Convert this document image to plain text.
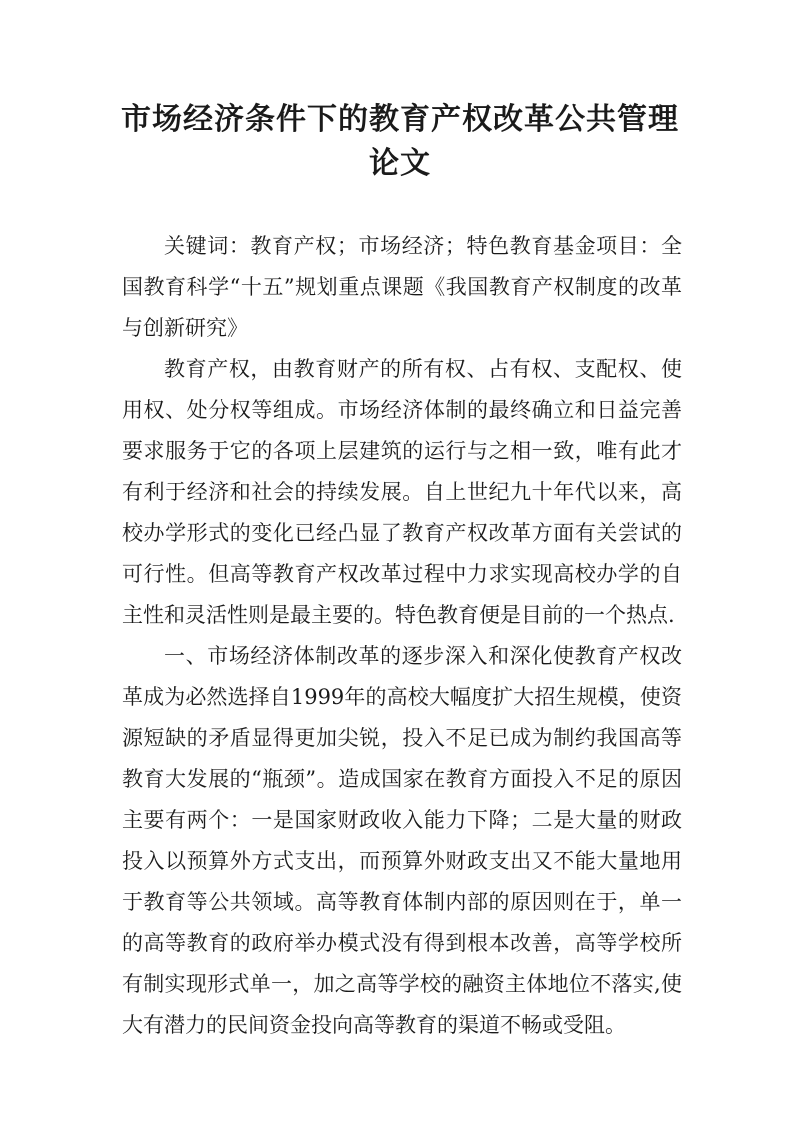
市场经济条件下的教育产权改革公共管理论文

关键词：教育产权；市场经济；特色教育基金项目：全国教育科学“十五”规划重点课题《我国教育产权制度的改革与创新研究》

教育产权，由教育财产的所有权、占有权、支配权、使用权、处分权等组成。市场经济体制的最终确立和日益完善要求服务于它的各项上层建筑的运行与之相一致，唯有此才有利于经济和社会的持续发展。自上世纪九十年代以来，高校办学形式的变化已经凸显了教育产权改革方面有关尝试的可行性。但高等教育产权改革过程中力求实现高校办学的自主性和灵活性则是最主要的。特色教育便是目前的一个热点.

一、市场经济体制改革的逐步深入和深化使教育产权改革成为必然选择自1999年的高校大幅度扩大招生规模，使资源短缺的矛盾显得更加尖锐，投入不足已成为制约我国高等教育大发展的“瓶颈”。造成国家在教育方面投入不足的原因主要有两个：一是国家财政收入能力下降；二是大量的财政投入以预算外方式支出，而预算外财政支出又不能大量地用于教育等公共领域。高等教育体制内部的原因则在于，单一的高等教育的政府举办模式没有得到根本改善，高等学校所有制实现形式单一，加之高等学校的融资主体地位不落实,使大有潜力的民间资金投向高等教育的渠道不畅或受阻。
